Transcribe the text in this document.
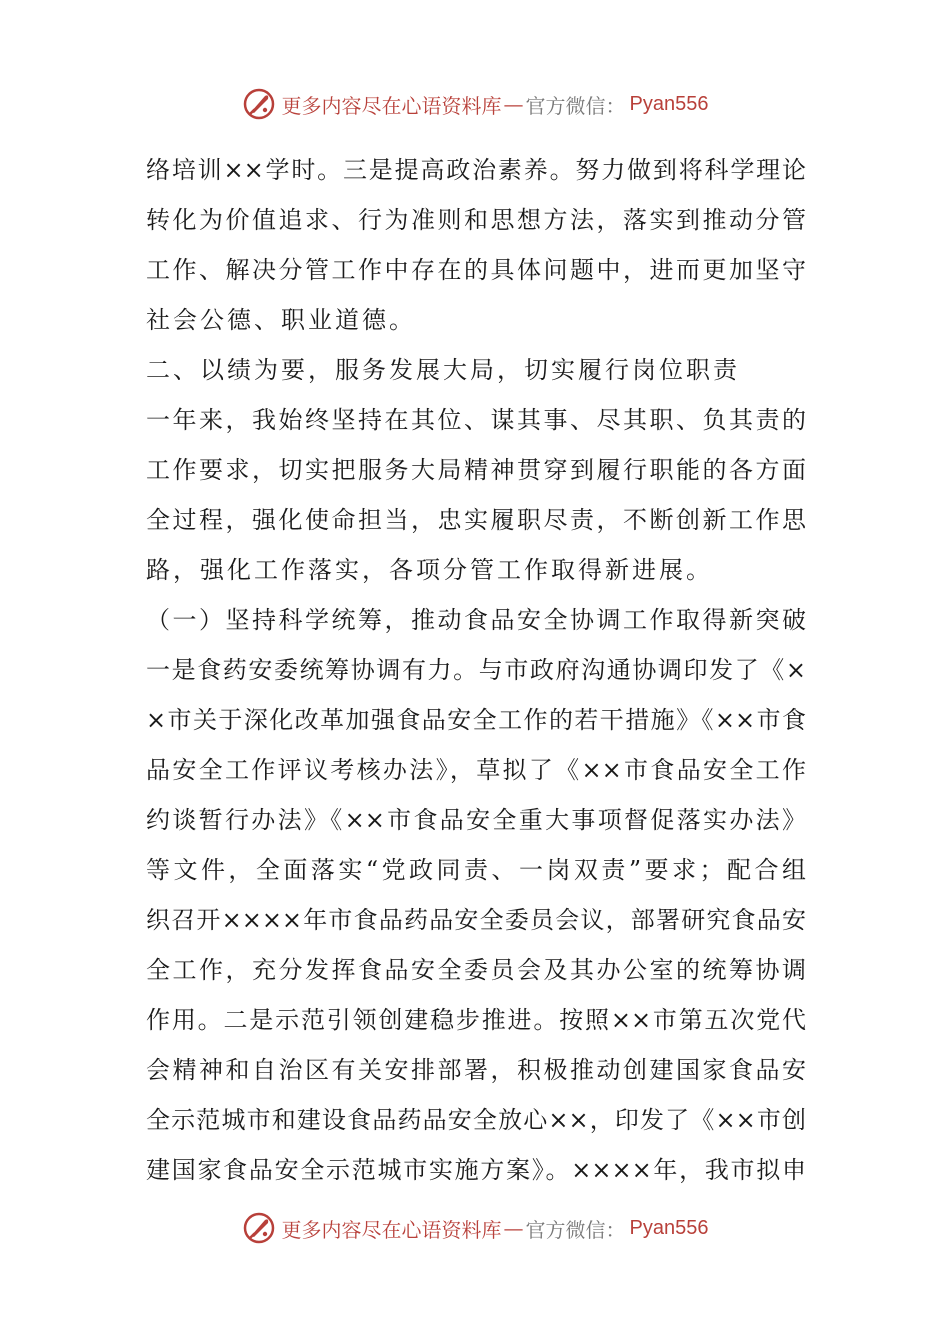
更多内容尽在心语资料库 — 官方微信： Pyan556
络培训××学时。三是提高政治素养。努力做到将科学理论
转化为价值追求、行为准则和思想方法，落实到推动分管
工作、解决分管工作中存在的具体问题中，进而更加坚守
社会公德、职业道德。
二、以绩为要，服务发展大局，切实履行岗位职责
一年来，我始终坚持在其位、谋其事、尽其职、负其责的
工作要求，切实把服务大局精神贯穿到履行职能的各方面
全过程，强化使命担当，忠实履职尽责，不断创新工作思
路，强化工作落实，各项分管工作取得新进展。
（一）坚持科学统筹，推动食品安全协调工作取得新突破
一是食药安委统筹协调有力。与市政府沟通协调印发了《×
×市关于深化改革加强食品安全工作的若干措施》《××市食
品安全工作评议考核办法》，草拟了《××市食品安全工作
约谈暂行办法》《××市食品安全重大事项督促落实办法》
等文件，全面落实“党政同责、一岗双责”要求；配合组
织召开××××年市食品药品安全委员会议，部署研究食品安
全工作，充分发挥食品安全委员会及其办公室的统筹协调
作用。二是示范引领创建稳步推进。按照××市第五次党代
会精神和自治区有关安排部署，积极推动创建国家食品安
全示范城市和建设食品药品安全放心××，印发了《××市创
建国家食品安全示范城市实施方案》。××××年，我市拟申
更多内容尽在心语资料库 — 官方微信： Pyan556
